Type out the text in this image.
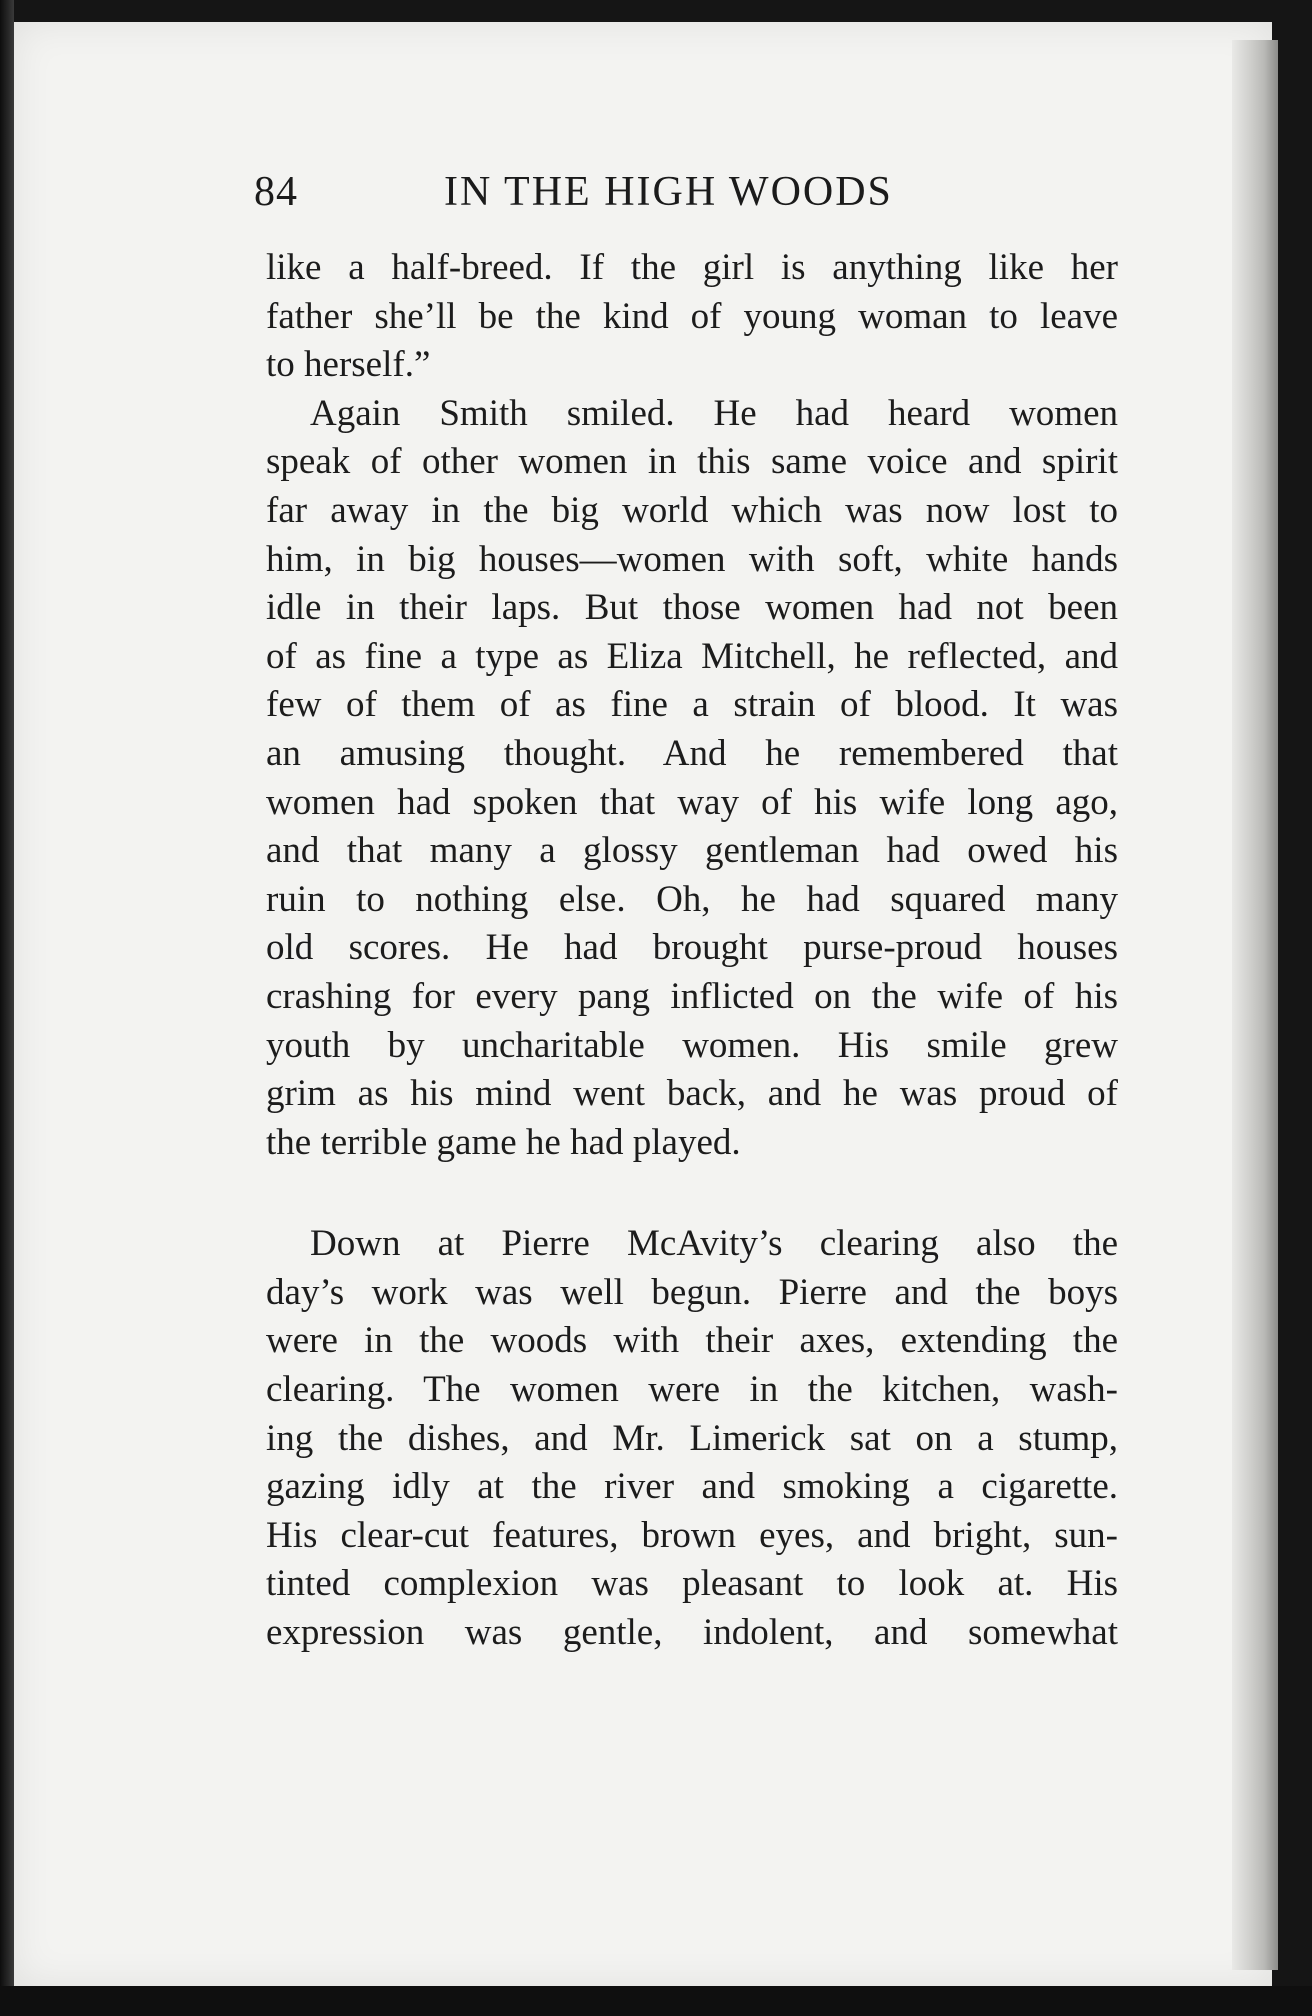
84	IN THE HIGH WOODS
like a half-breed. If the girl is anything like her
father she’ll be the kind of young woman to leave
to herself.”
Again Smith smiled. He had heard women
speak of other women in this same voice and spirit
far away in the big world which was now lost to
him, in big houses—women with soft, white hands
idle in their laps. But those women had not been
of as fine a type as Eliza Mitchell, he reflected, and
few of them of as fine a strain of blood. It was
an amusing thought. And he remembered that
women had spoken that way of his wife long ago,
and that many a glossy gentleman had owed his
ruin to nothing else. Oh, he had squared many
old scores. He had brought purse-proud houses
crashing for every pang inflicted on the wife of his
youth by uncharitable women. His smile grew
grim as his mind went back, and he was proud of
the terrible game he had played.
Down at Pierre McAvity’s clearing also the
day’s work was well begun. Pierre and the boys
were in the woods with their axes, extending the
clearing. The women were in the kitchen, wash-
ing the dishes, and Mr. Limerick sat on a stump,
gazing idly at the river and smoking a cigarette.
His clear-cut features, brown eyes, and bright, sun-
tinted complexion was pleasant to look at. His
expression was gentle, indolent, and somewhat
